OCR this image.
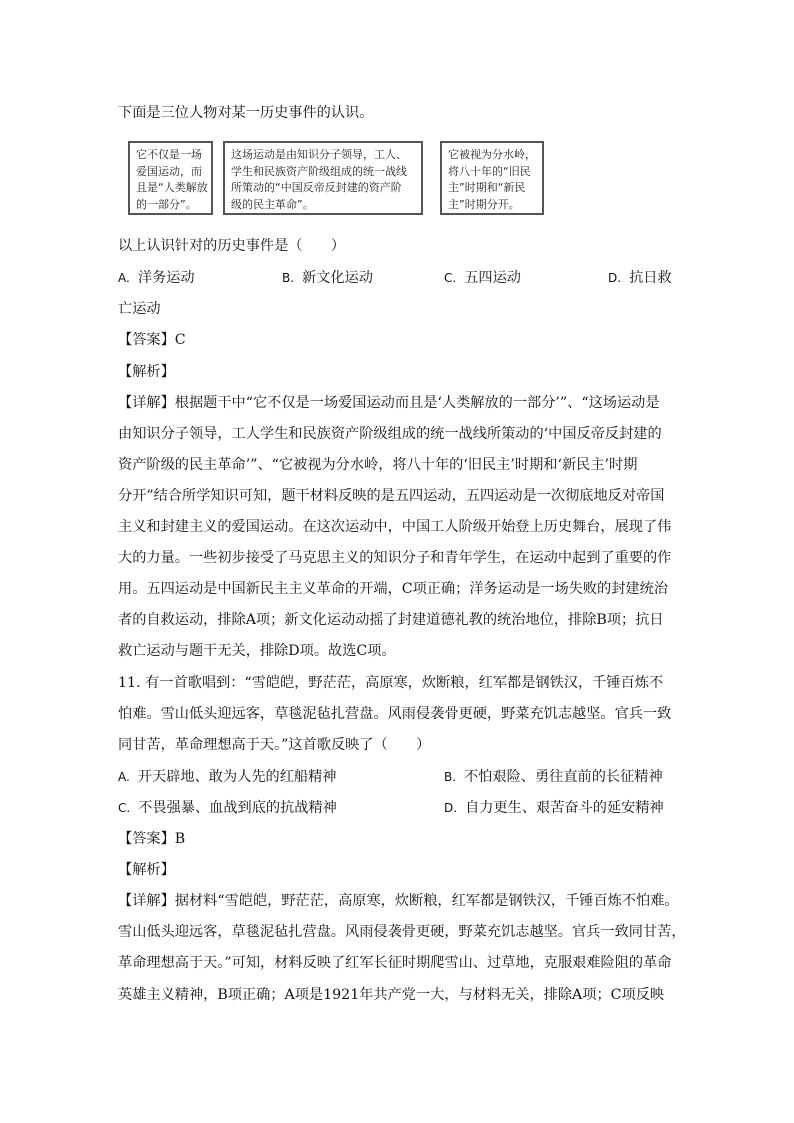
下面是三位人物对某一历史事件的认识。
它不仅是一场
爱国运动，而
且是“人类解放
的一部分”。
这场运动是由知识分子领导，工人、
学生和民族资产阶级组成的统一战线
所策动的“中国反帝反封建的资产阶
级的民主革命”。
它被视为分水岭，
将八十年的“旧民
主”时期和“新民
主”时期分开。
以上认识针对的历史事件是（　　）
A. 洋务运动	B. 新文化运动	C. 五四运动	D. 抗日救
亡运动
【答案】C
【解析】
【详解】根据题干中“它不仅是一场爱国运动而且是‘人类解放的一部分’”、“这场运动是
由知识分子领导，工人学生和民族资产阶级组成的统一战线所策动的‘中国反帝反封建的
资产阶级的民主革命’”、“它被视为分水岭，将八十年的‘旧民主’时期和‘新民主’时期
分开”结合所学知识可知，题干材料反映的是五四运动，五四运动是一次彻底地反对帝国
主义和封建主义的爱国运动。在这次运动中，中国工人阶级开始登上历史舞台，展现了伟
大的力量。一些初步接受了马克思主义的知识分子和青年学生，在运动中起到了重要的作
用。五四运动是中国新民主主义革命的开端，C项正确；洋务运动是一场失败的封建统治
者的自救运动，排除A项；新文化运动动摇了封建道德礼教的统治地位，排除B项；抗日
救亡运动与题干无关，排除D项。故选C项。
11. 有一首歌唱到：“雪皑皑，野茫茫，高原寒，炊断粮，红军都是钢铁汉，千锤百炼不
怕难。雪山低头迎远客，草毯泥毡扎营盘。风雨侵袭骨更硬，野菜充饥志越坚。官兵一致
同甘苦，革命理想高于天。”这首歌反映了（　　）
A. 开天辟地、敢为人先的红船精神	B. 不怕艰险、勇往直前的长征精神
C. 不畏强暴、血战到底的抗战精神	D. 自力更生、艰苦奋斗的延安精神
【答案】B
【解析】
【详解】据材料“雪皑皑，野茫茫，高原寒，炊断粮，红军都是钢铁汉，千锤百炼不怕难。
雪山低头迎远客，草毯泥毡扎营盘。风雨侵袭骨更硬，野菜充饥志越坚。官兵一致同甘苦，
革命理想高于天。”可知，材料反映了红军长征时期爬雪山、过草地，克服艰难险阻的革命
英雄主义精神，B项正确；A项是1921年共产党一大，与材料无关，排除A项；C项反映
